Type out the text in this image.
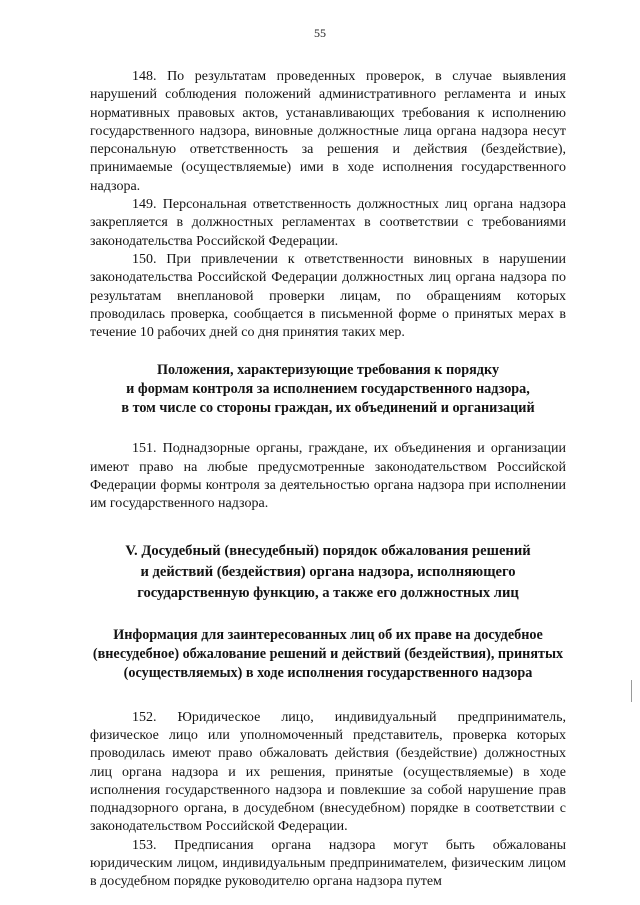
55

148. По результатам проведенных проверок, в случае выявления нарушений соблюдения положений административного регламента и иных нормативных правовых актов, устанавливающих требования к исполнению государственного надзора, виновные должностные лица органа надзора несут персональную ответственность за решения и действия (бездействие), принимаемые (осуществляемые) ими в ходе исполнения государственного надзора.

149. Персональная ответственность должностных лиц органа надзора закрепляется в должностных регламентах в соответствии с требованиями законодательства Российской Федерации.

150. При привлечении к ответственности виновных в нарушении законодательства Российской Федерации должностных лиц органа надзора по результатам внеплановой проверки лицам, по обращениям которых проводилась проверка, сообщается в письменной форме о принятых мерах в течение 10 рабочих дней со дня принятия таких мер.

Положения, характеризующие требования к порядку
и формам контроля за исполнением государственного надзора,
в том числе со стороны граждан, их объединений и организаций

151. Поднадзорные органы, граждане, их объединения и организации имеют право на любые предусмотренные законодательством Российской Федерации формы контроля за деятельностью органа надзора при исполнении им государственного надзора.

V. Досудебный (внесудебный) порядок обжалования решений
и действий (бездействия) органа надзора, исполняющего
государственную функцию, а также его должностных лиц
Информация для заинтересованных лиц об их праве на досудебное
(внесудебное) обжалование решений и действий (бездействия), принятых
(осуществляемых) в ходе исполнения государственного надзора

152. Юридическое лицо, индивидуальный предприниматель, физическое лицо или уполномоченный представитель, проверка которых проводилась имеют право обжаловать действия (бездействие) должностных лиц органа надзора и их решения, принятые (осуществляемые) в ходе исполнения государственного надзора и повлекшие за собой нарушение прав поднадзорного органа, в досудебном (внесудебном) порядке в соответствии с законодательством Российской Федерации.

153. Предписания органа надзора могут быть обжалованы юридическим лицом, индивидуальным предпринимателем, физическим лицом в досудебном порядке руководителю органа надзора путем
